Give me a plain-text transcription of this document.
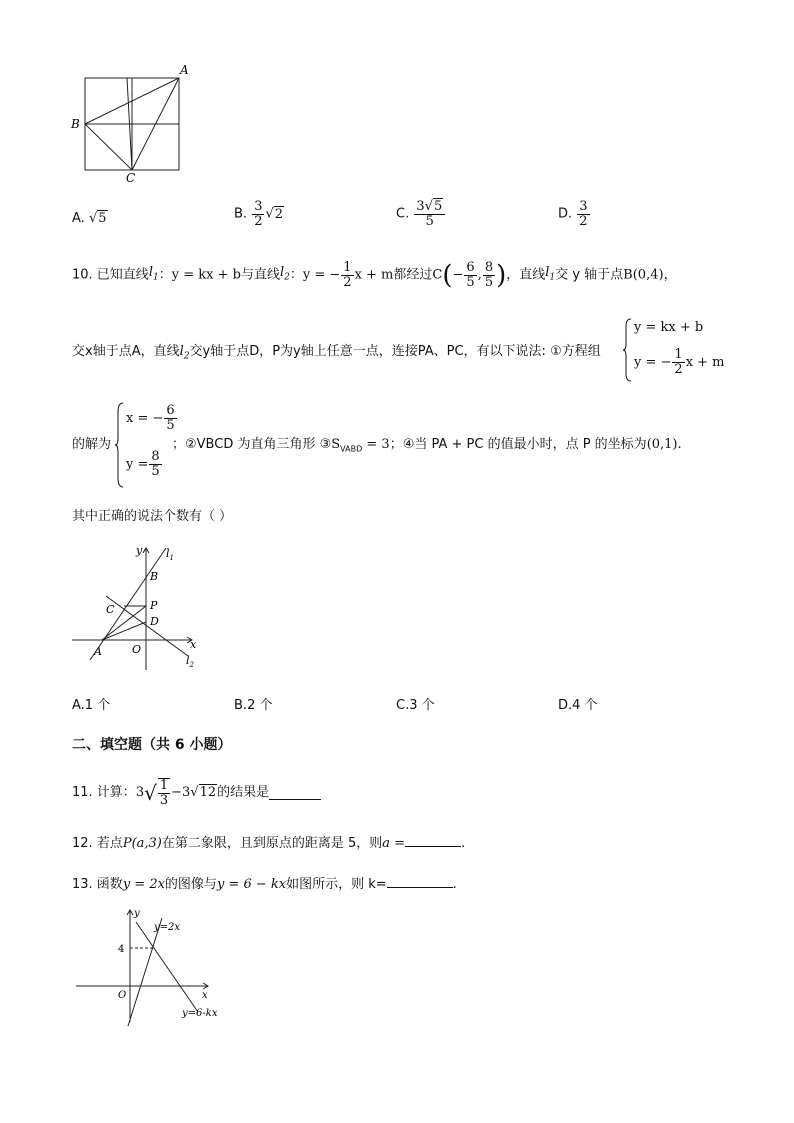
A
B
C
A. √5	B. $\frac{3}{2} √2$	C. $\frac{3√5}{5}$	D. $\frac{3}{2}$
10. 已知直线$l_1$：y = kx + b与直线$l_2$：y = − $\frac{1}{2}$ x + m都经过$C(- \frac{6}{5}$ , $\frac{8}{5}$ )，直线$l_1$交 y 轴于点B(0,4)，
交x轴于点A，直线$l_2$交y轴于点D，P为y轴上任意一点，连接PA、PC，有以下说法: ①方程组
y = kx + b
y = − $\frac{1}{2}$ x + m
的解为
x = − $\frac{6}{5}$
$y = \frac{8}{5}$
；②VBCD 为直角三角形 $③S_{VABD} = 3$；④当 PA + PC 的值最小时，点 P 的坐标为(0,1).
其中正确的说法个数有（ ）
y $l_1$
B
C	P
D
A	O	x
$l_2$
A.1 个	B.2 个	C.3 个	D.4 个
二、填空题（共 6 小题）
11. 计算：$3√ \frac{1}{3} -3√12$的结果是
12. 若点P(a,3)在第二象限，且到原点的距离是 5，则a =	.
13. 函数y = 2x的图像与y = 6 − kx如图所示，则 k=	.
y
y=2x
4
O	x
y=6-kx
